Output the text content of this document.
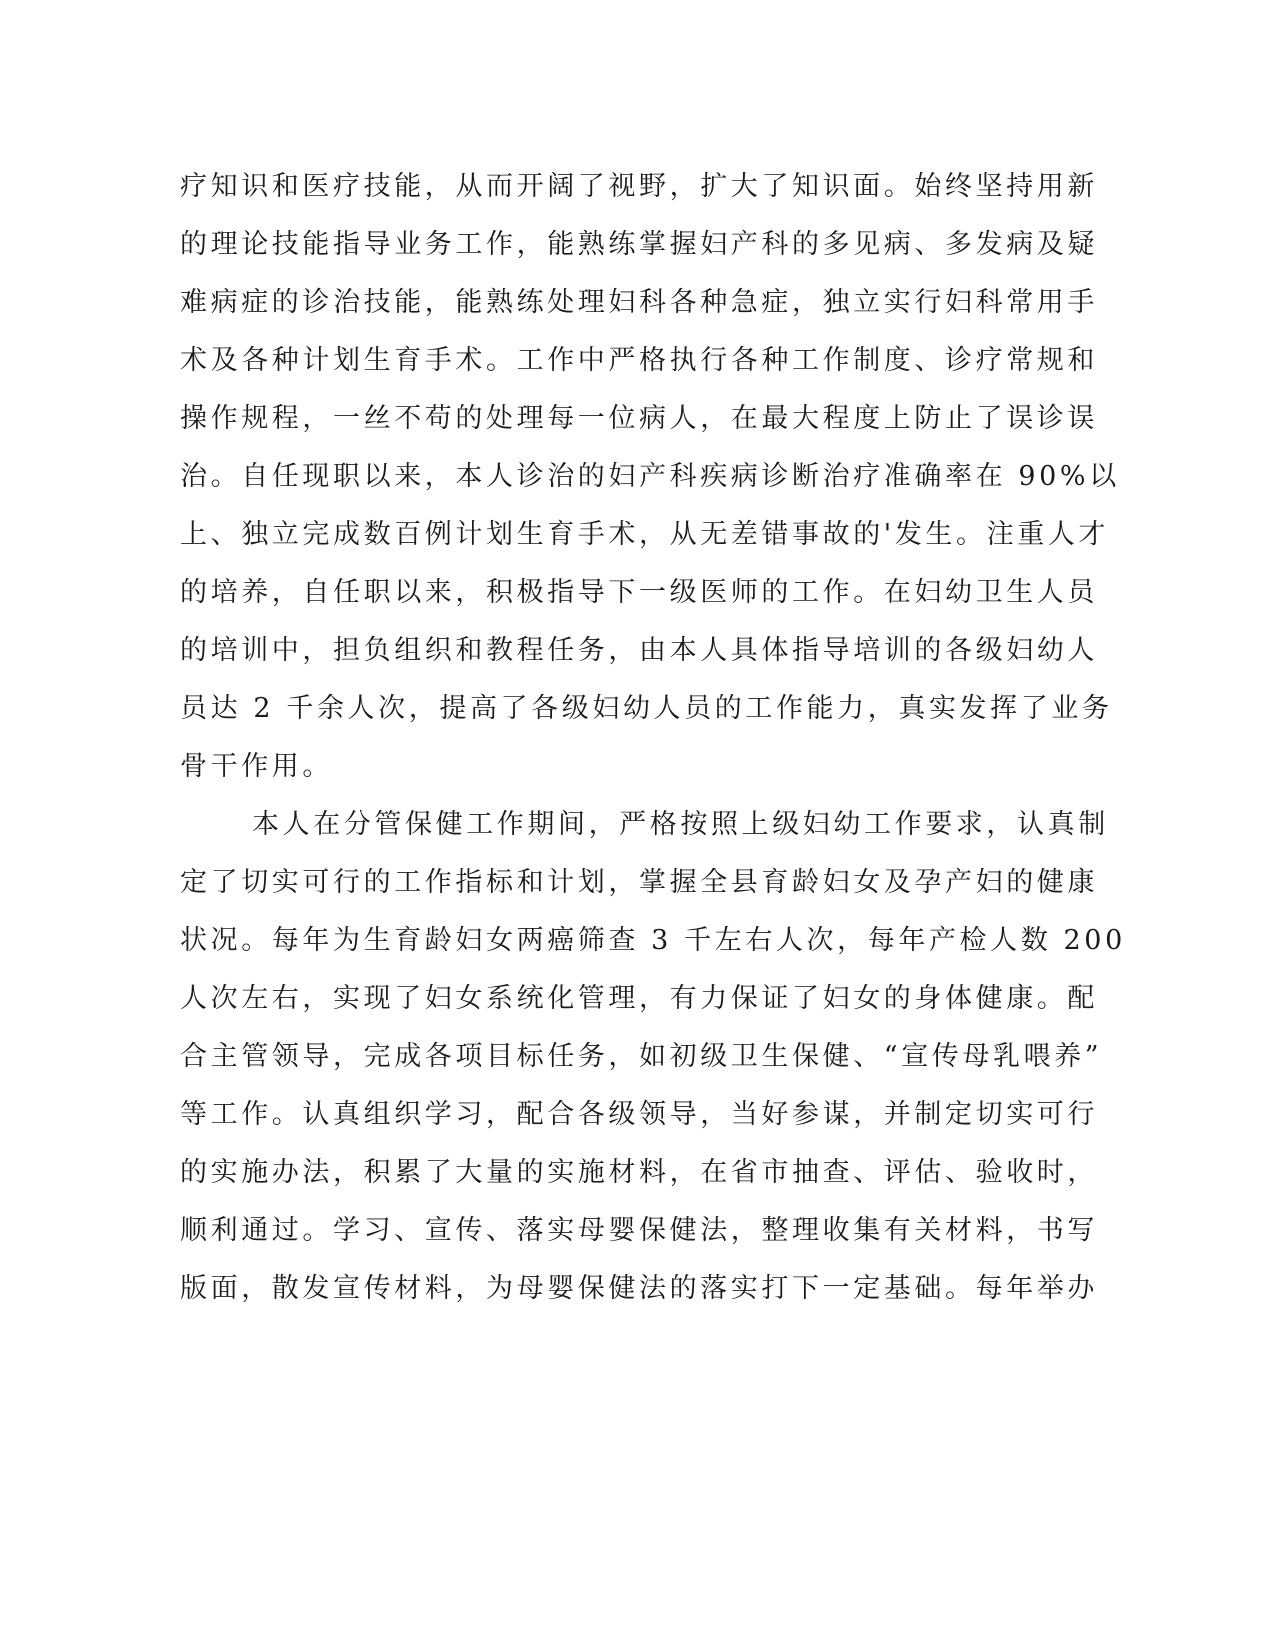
疗知识和医疗技能，从而开阔了视野，扩大了知识面。始终坚持用新
的理论技能指导业务工作，能熟练掌握妇产科的多见病、多发病及疑
难病症的诊治技能，能熟练处理妇科各种急症，独立实行妇科常用手
术及各种计划生育手术。工作中严格执行各种工作制度、诊疗常规和
操作规程，一丝不苟的处理每一位病人，在最大程度上防止了误诊误
治。自任现职以来，本人诊治的妇产科疾病诊断治疗准确率在 90%以
上、独立完成数百例计划生育手术，从无差错事故的'发生。注重人才
的培养，自任职以来，积极指导下一级医师的工作。在妇幼卫生人员
的培训中，担负组织和教程任务，由本人具体指导培训的各级妇幼人
员达 2 千余人次，提高了各级妇幼人员的工作能力，真实发挥了业务
骨干作用。
本人在分管保健工作期间，严格按照上级妇幼工作要求，认真制
定了切实可行的工作指标和计划，掌握全县育龄妇女及孕产妇的健康
状况。每年为生育龄妇女两癌筛查 3 千左右人次，每年产检人数 200
人次左右，实现了妇女系统化管理，有力保证了妇女的身体健康。配
合主管领导，完成各项目标任务，如初级卫生保健、“宣传母乳喂养”
等工作。认真组织学习，配合各级领导，当好参谋，并制定切实可行
的实施办法，积累了大量的实施材料，在省市抽查、评估、验收时，
顺利通过。学习、宣传、落实母婴保健法，整理收集有关材料，书写
版面，散发宣传材料，为母婴保健法的落实打下一定基础。每年举办
